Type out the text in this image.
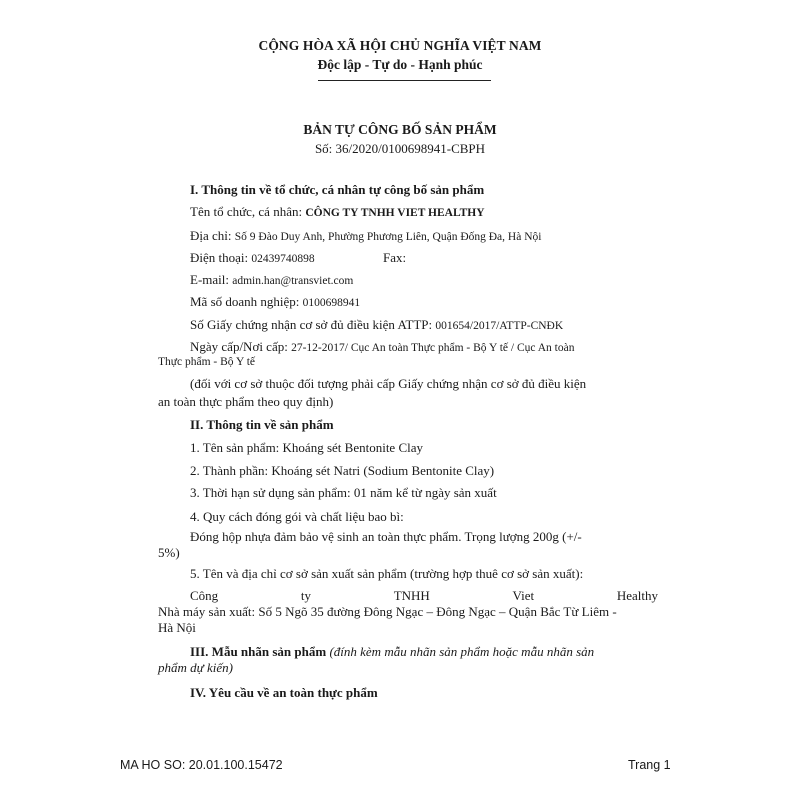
CỘNG HÒA XÃ HỘI CHỦ NGHĨA VIỆT NAM
Độc lập - Tự do - Hạnh phúc
BẢN TỰ CÔNG BỐ SẢN PHẨM
Số: 36/2020/0100698941-CBPH
I. Thông tin về tổ chức, cá nhân tự công bố sản phẩm
Tên tổ chức, cá nhân: CÔNG TY TNHH VIET HEALTHY
Địa chỉ: Số 9 Đào Duy Anh, Phường Phương Liên, Quận Đống Đa, Hà Nội
Điện thoại: 02439740898	Fax:
E-mail: admin.han@transviet.com
Mã số doanh nghiệp: 0100698941
Số Giấy chứng nhận cơ sở đủ điều kiện ATTP: 001654/2017/ATTP-CNĐK
Ngày cấp/Nơi cấp: 27-12-2017/ Cục An toàn Thực phẩm - Bộ Y tế / Cục An toàn
Thực phẩm - Bộ Y tế
(đối với cơ sở thuộc đối tượng phải cấp Giấy chứng nhận cơ sở đủ điều kiện
an toàn thực phẩm theo quy định)
II. Thông tin về sản phẩm
1. Tên sản phẩm: Khoáng sét Bentonite Clay
2. Thành phần: Khoáng sét Natri (Sodium Bentonite Clay)
3. Thời hạn sử dụng sản phẩm: 01 năm kể từ ngày sản xuất
4. Quy cách đóng gói và chất liệu bao bì:
Đóng hộp nhựa đảm bảo vệ sinh an toàn thực phẩm. Trọng lượng 200g (+/-
5%)
5. Tên và địa chỉ cơ sở sản xuất sản phẩm (trường hợp thuê cơ sở sản xuất):
Công	ty	TNHH	Viet	Healthy
Nhà máy sản xuất: Số 5 Ngõ 35 đường Đông Ngạc – Đông Ngạc – Quận Bắc Từ Liêm -
Hà Nội
III. Mẫu nhãn sản phẩm (đính kèm mẫu nhãn sản phẩm hoặc mẫu nhãn sản
phẩm dự kiến)
IV. Yêu cầu về an toàn thực phẩm
MA HO SO: 20.01.100.15472	Trang 1
